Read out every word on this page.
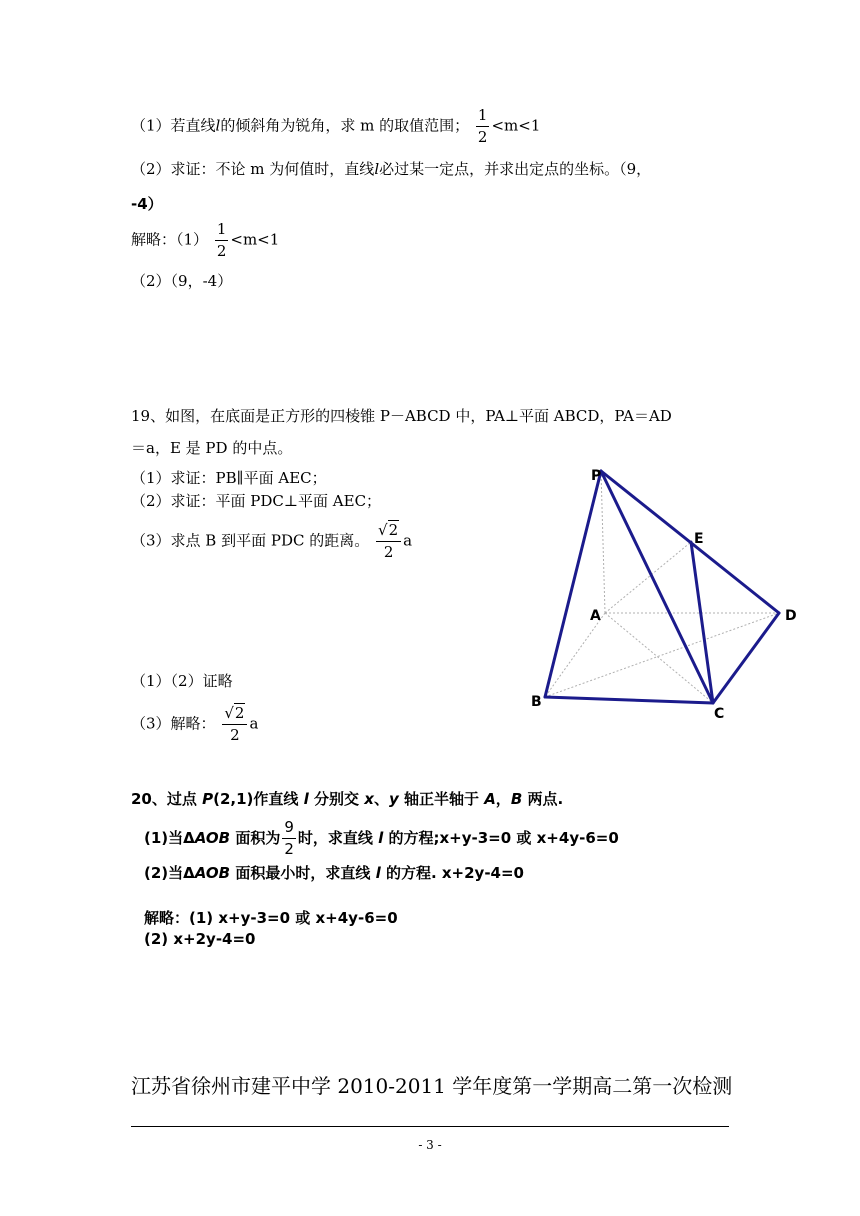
（1）若直线l的倾斜角为锐角，求 m 的取值范围； $\frac{1}{2} <m<1$
（2）求证：不论 m 为何值时，直线l必过某一定点，并求出定点的坐标。（9，
-4）
解略：$(1) \frac{1}{2} <m<1$
（2）（9，-4）
19、如图，在底面是正方形的四棱锥 P－ABCD 中，PA⊥平面 ABCD，PA＝AD
＝a，E 是 PD 的中点。
（1）求证：PB∥平面 AEC；
（2）求证：平面 PDC⊥平面 AEC；
（3）求点 B 到平面 PDC 的距离。 $\frac{√2}{2}$ a
（1）（2）证略
（3）解略： $\frac{√2}{2}$ a
P
E
A	D
B
C
20、过点 P(2,1)作直线 l 分别交 x、y 轴正半轴于 A，B 两点.
(1)当ΔAOB 面积为 $\frac{9}{2}$ 时，求直线 l 的方程;x+y-3=0 或 x+4y-6=0
(2)当ΔAOB 面积最小时，求直线 l 的方程. x+2y-4=0
解略：(1) x+y-3=0 或 x+4y-6=0
(2) x+2y-4=0
江苏省徐州市建平中学 2010-2011 学年度第一学期高二第一次检测
- 3 -
